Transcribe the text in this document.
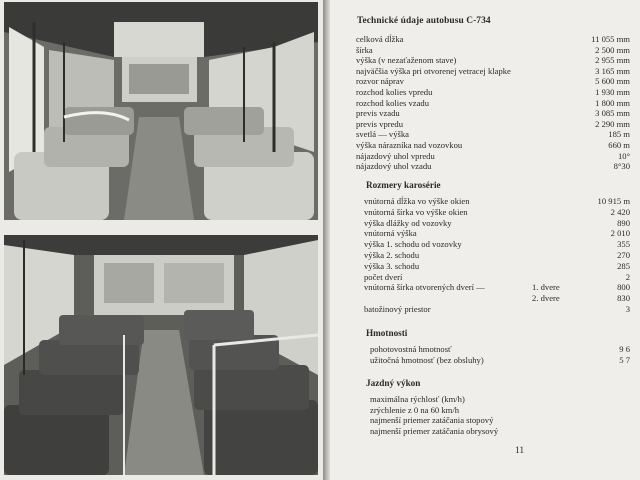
Technické údaje autobusu C-734
celková dĺžka	11 055 mm
šírka	2 500 mm
výška (v nezaťaženom stave)	2 955 mm
najväčšia výška pri otvorenej vetracej klapke	3 165 mm
rozvor náprav	5 600 mm
rozchod kolies vpredu	1 930 mm
rozchod kolies vzadu	1 800 mm
previs vzadu	3 085 mm
previs vpredu	2 290 mm
svetlá — výška	185 m
výška nárazníka nad vozovkou	660 m
nájazdový uhol vpredu	10°
nájazdový uhol vzadu	8°30
Rozmery karosérie
vnútorná dĺžka vo výške okien	10 915 m
vnútorná šírka vo výške okien	2 420
výška dlážky od vozovky	890
vnútorná výška	2 010
výška 1. schodu od vozovky	355
výška 2. schodu	270
výška 3. schodu	285
počet dverí	2
vnútorná šírka otvorených dverí —	1. dvere	800
2. dvere	830
batožinový priestor	3
Hmotnosti
pohotovostná hmotnosť	9 6
užitočná hmotnosť (bez obsluhy)	5 7
Jazdný výkon
maximálna rýchlosť (km/h)
zrýchlenie z 0 na 60 km/h
najmenší priemer zatáčania stopový
najmenší priemer zatáčania obrysový
11
